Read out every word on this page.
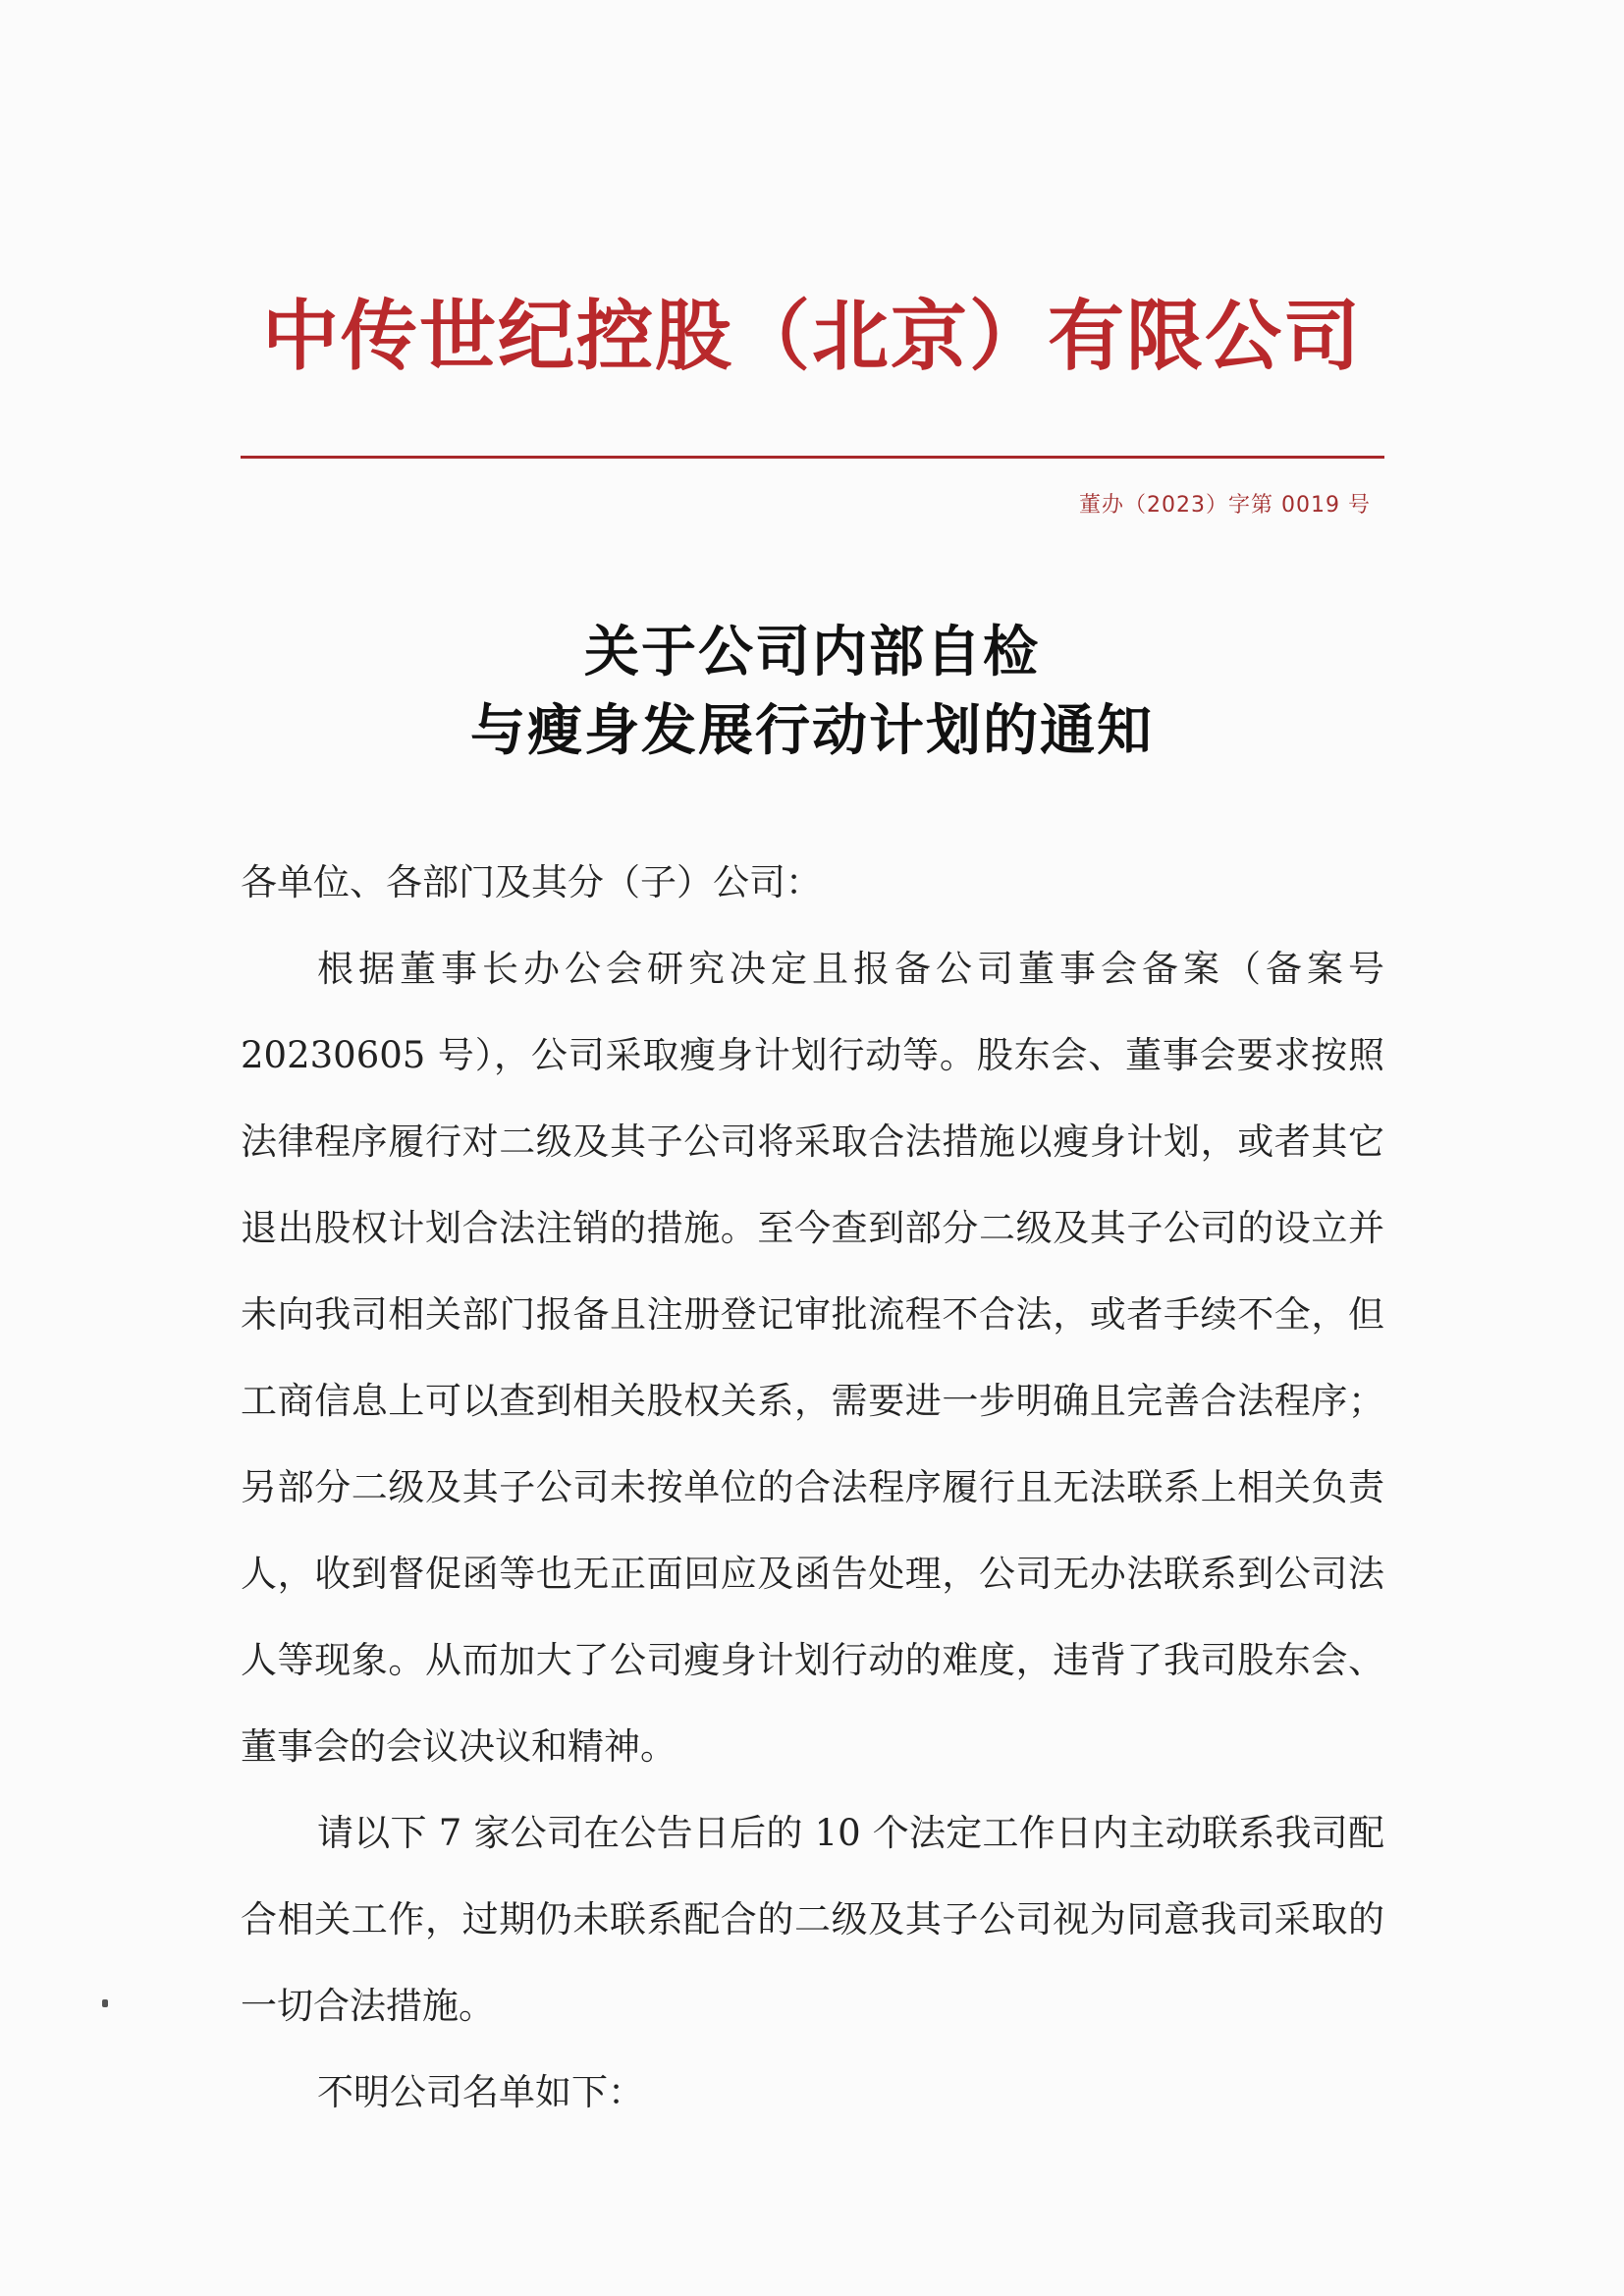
中传世纪控股（北京）有限公司
董办（2023）字第 0019 号
关于公司内部自检
与瘦身发展行动计划的通知

各单位、各部门及其分（子）公司：

根据董事长办公会研究决定且报备公司董事会备案（备案号20230605 号），公司采取瘦身计划行动等。股东会、董事会要求按照法律程序履行对二级及其子公司将采取合法措施以瘦身计划，或者其它退出股权计划合法注销的措施。至今查到部分二级及其子公司的设立并未向我司相关部门报备且注册登记审批流程不合法，或者手续不全，但工商信息上可以查到相关股权关系，需要进一步明确且完善合法程序；另部分二级及其子公司未按单位的合法程序履行且无法联系上相关负责人，收到督促函等也无正面回应及函告处理，公司无办法联系到公司法人等现象。从而加大了公司瘦身计划行动的难度，违背了我司股东会、董事会的会议决议和精神。

请以下 7 家公司在公告日后的 10 个法定工作日内主动联系我司配合相关工作，过期仍未联系配合的二级及其子公司视为同意我司采取的一切合法措施。

不明公司名单如下：
